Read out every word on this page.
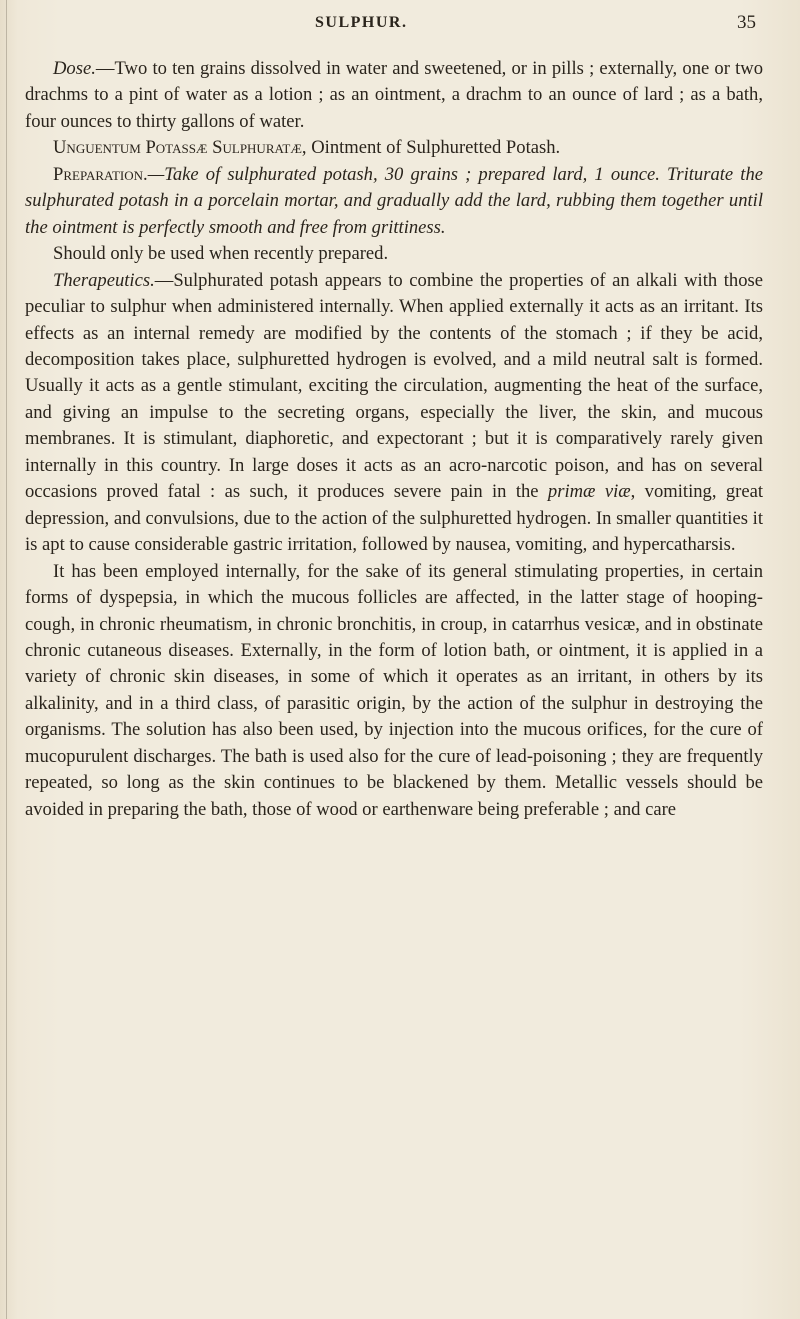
SULPHUR.	35

Dose.—Two to ten grains dissolved in water and sweetened, or in pills ; externally, one or two drachms to a pint of water as a lotion ; as an ointment, a drachm to an ounce of lard ; as a bath, four ounces to thirty gallons of water.

Unguentum Potassæ Sulphuratæ, Ointment of Sulphuretted Potash.

Preparation.—Take of sulphurated potash, 30 grains ; prepared lard, 1 ounce. Triturate the sulphurated potash in a porcelain mortar, and gradually add the lard, rubbing them together until the ointment is perfectly smooth and free from grittiness.

Should only be used when recently prepared.

Therapeutics.—Sulphurated potash appears to combine the properties of an alkali with those peculiar to sulphur when administered internally. When applied externally it acts as an irritant. Its effects as an internal remedy are modified by the contents of the stomach ; if they be acid, decomposition takes place, sulphuretted hydrogen is evolved, and a mild neutral salt is formed. Usually it acts as a gentle stimulant, exciting the circulation, augmenting the heat of the surface, and giving an impulse to the secreting organs, especially the liver, the skin, and mucous membranes. It is stimulant, diaphoretic, and expectorant ; but it is comparatively rarely given internally in this country. In large doses it acts as an acro-narcotic poison, and has on several occasions proved fatal : as such, it produces severe pain in the primæ viæ, vomiting, great depression, and convulsions, due to the action of the sulphuretted hydrogen. In smaller quantities it is apt to cause considerable gastric irritation, followed by nausea, vomiting, and hypercatharsis.

It has been employed internally, for the sake of its general stimulating properties, in certain forms of dyspepsia, in which the mucous follicles are affected, in the latter stage of hooping-cough, in chronic rheumatism, in chronic bronchitis, in croup, in catarrhus vesicæ, and in obstinate chronic cutaneous diseases. Externally, in the form of lotion bath, or ointment, it is applied in a variety of chronic skin diseases, in some of which it operates as an irritant, in others by its alkalinity, and in a third class, of parasitic origin, by the action of the sulphur in destroying the organisms. The solution has also been used, by injection into the mucous orifices, for the cure of mucopurulent discharges. The bath is used also for the cure of lead-poisoning ; they are frequently repeated, so long as the skin continues to be blackened by them. Metallic vessels should be avoided in preparing the bath, those of wood or earthenware being preferable ; and care
